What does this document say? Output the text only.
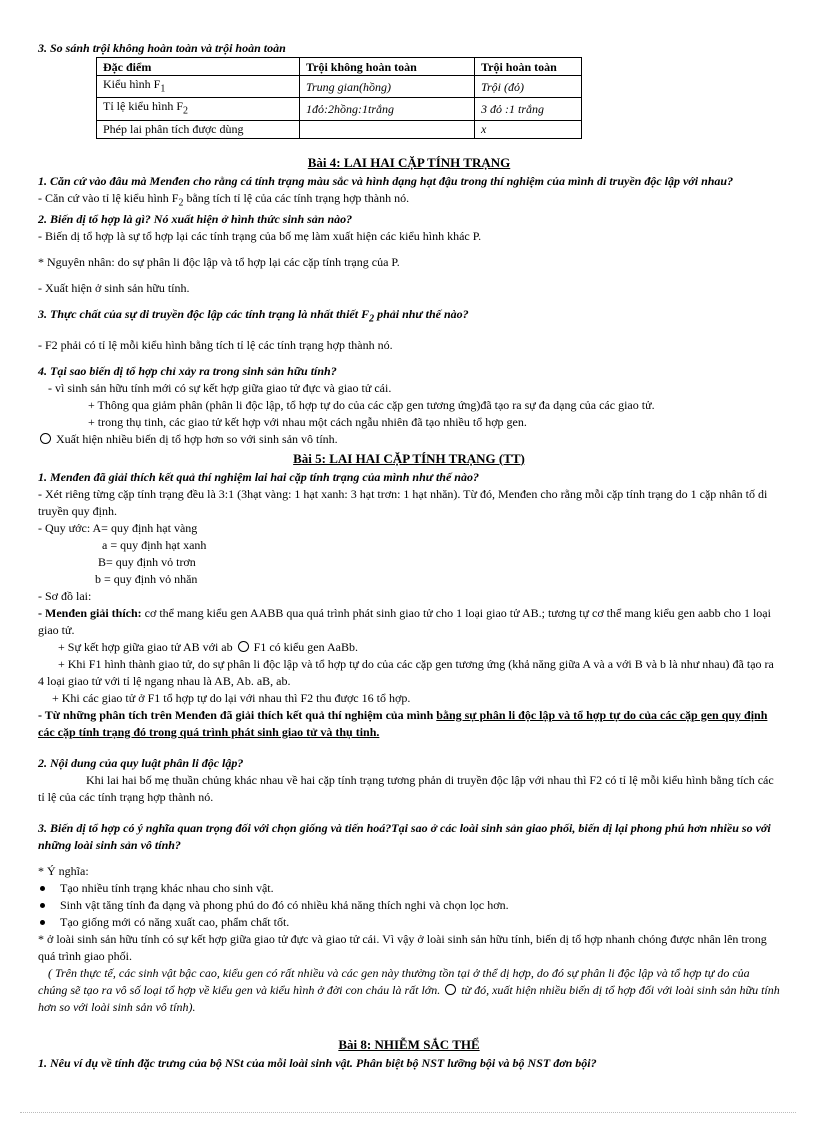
3. So sánh trội không hoàn toàn và trội hoàn toàn

Đặc điểm	Trội không hoàn toàn	Trội hoàn toàn
Kiểu hình $F_1$	Trung gian(hồng)	Trội (đỏ)
Tỉ lệ kiểu hình $F_2$	1đỏ:2hồng:1trắng	3 đỏ :1 trắng
Phép lai phân tích được dùng		x

Bài 4: LAI HAI CẶP TÍNH TRẠNG

1. Căn cứ vào đâu mà Menđen cho rằng cá tính trạng màu sắc và hình dạng hạt đậu trong thí nghiệm của mình di truyền độc lập với nhau?

- Căn cứ vào tỉ lệ kiểu hình $F_2$ bằng tích tỉ lệ của các tính trạng hợp thành nó.

2. Biến dị tổ hợp là gì? Nó xuất hiện ở hình thức sinh sản nào?

- Biến dị tổ hợp là sự tổ hợp lại các tính trạng của bố mẹ làm xuất hiện các kiểu hình khác P.

* Nguyên nhân: do sự phân li độc lập và tổ hợp lại các cặp tính trạng của P.

- Xuất hiện ở sinh sản hữu tính.

3. Thực chất của sự di truyền độc lập các tính trạng là nhất thiết $F_2$ phải như thế nào?

- F2 phải có tỉ lệ mỗi kiểu hình bằng tích tỉ lệ các tính trạng hợp thành nó.

4. Tại sao biến dị tổ hợp chỉ xảy ra trong sinh sản hữu tính?

- vì sinh sản hữu tính mới có sự kết hợp giữa giao tử đực và giao tử cái.

+ Thông qua giảm phân (phân li độc lập, tổ hợp tự do của các cặp gen tương ứng)đã tạo ra sự đa dạng của các giao tử.

+ trong thụ tinh, các giao tử kết hợp với nhau một cách ngẫu nhiên đã tạo nhiều tổ hợp gen.

Xuất hiện nhiều biến dị tổ hợp hơn so với sinh sản vô tính.

Bài 5: LAI HAI CẶP TÍNH TRẠNG (TT)

1. Menđen đã giải thích kết quả thí nghiệm lai hai cặp tính trạng của mình như thế nào?

- Xét riêng từng cặp tính trạng đều là 3:1 (3hạt vàng: 1 hạt xanh: 3 hạt trơn: 1 hạt nhăn). Từ đó, Menđen cho rằng mỗi cặp tính trạng do 1 cặp nhân tố di truyền quy định.

- Quy ước: A= quy định hạt vàng

a = quy định hạt xanh

B= quy định vỏ trơn

b = quy định vỏ nhăn

- Sơ đồ lai:

- Menđen giải thích: cơ thể mang kiểu gen AABB qua quá trình phát sinh giao tử cho 1 loại giao tử AB.; tương tự cơ thể mang kiểu gen aabb cho 1 loại giao tử.

+ Sự kết hợp giữa giao tử AB với ab F1 có kiểu gen AaBb.

+ Khi F1 hình thành giao tử, do sự phân li độc lập và tổ hợp tự do của các cặp gen tương ứng (khả năng giữa A và a với B và b là như nhau) đã tạo ra 4 loại giao tử với tỉ lệ ngang nhau là AB, Ab. aB, ab.

+ Khi các giao tử ở F1 tổ hợp tự do lại với nhau thì F2 thu được 16 tổ hợp.

- Từ những phân tích trên Menđen đã giải thích kết quả thí nghiệm của mình bằng sự phân li độc lập và tổ hợp tự do của các cặp gen quy định các cặp tính trạng đó trong quá trình phát sinh giao tử và thụ tinh.

2. Nội dung của quy luật phân li độc lập?

Khi lai hai bố mẹ thuần chủng khác nhau về hai cặp tính trạng tương phản di truyền độc lập với nhau thì F2 có tỉ lệ mỗi kiểu hình bằng tích các tỉ lệ của các tính trạng hợp thành nó.

3. Biến dị tổ hợp có ý nghĩa quan trọng đối với chọn giống và tiến hoá?Tại sao ở các loài sinh sản giao phối, biến dị lại phong phú hơn nhiều so với những loài sinh sản vô tính?

* Ý nghĩa:

Tạo nhiều tính trạng khác nhau cho sinh vật.

Sinh vật tăng tính đa dạng và phong phú do đó có nhiều khả năng thích nghi và chọn lọc hơn.

Tạo giống mới có năng xuất cao, phẩm chất tốt.

* ở loài sinh sản hữu tính có sự kết hợp giữa giao tử đực và giao tử cái. Vì vậy ở loài sinh sản hữu tính, biến dị tổ hợp nhanh chóng được nhân lên trong quá trình giao phối.

( Trên thực tế, các sinh vật bậc cao, kiểu gen có rất nhiều và các gen này thường tồn tại ở thể dị hợp, do đó sự phân li độc lập và tổ hợp tự do của chúng sẽ tạo ra vô số loại tổ hợp về kiểu gen và kiểu hình ở đời con cháu là rất lớn. từ đó, xuất hiện nhiều biến dị tổ hợp đối với loài sinh sản hữu tính hơn so với loài sinh sản vô tính).

Bài 8: NHIỄM SẮC THỂ

1. Nêu ví dụ về tính đặc trưng của bộ NSt của mỗi loài sinh vật. Phân biệt bộ NST lưỡng bội và bộ NST đơn bội?
